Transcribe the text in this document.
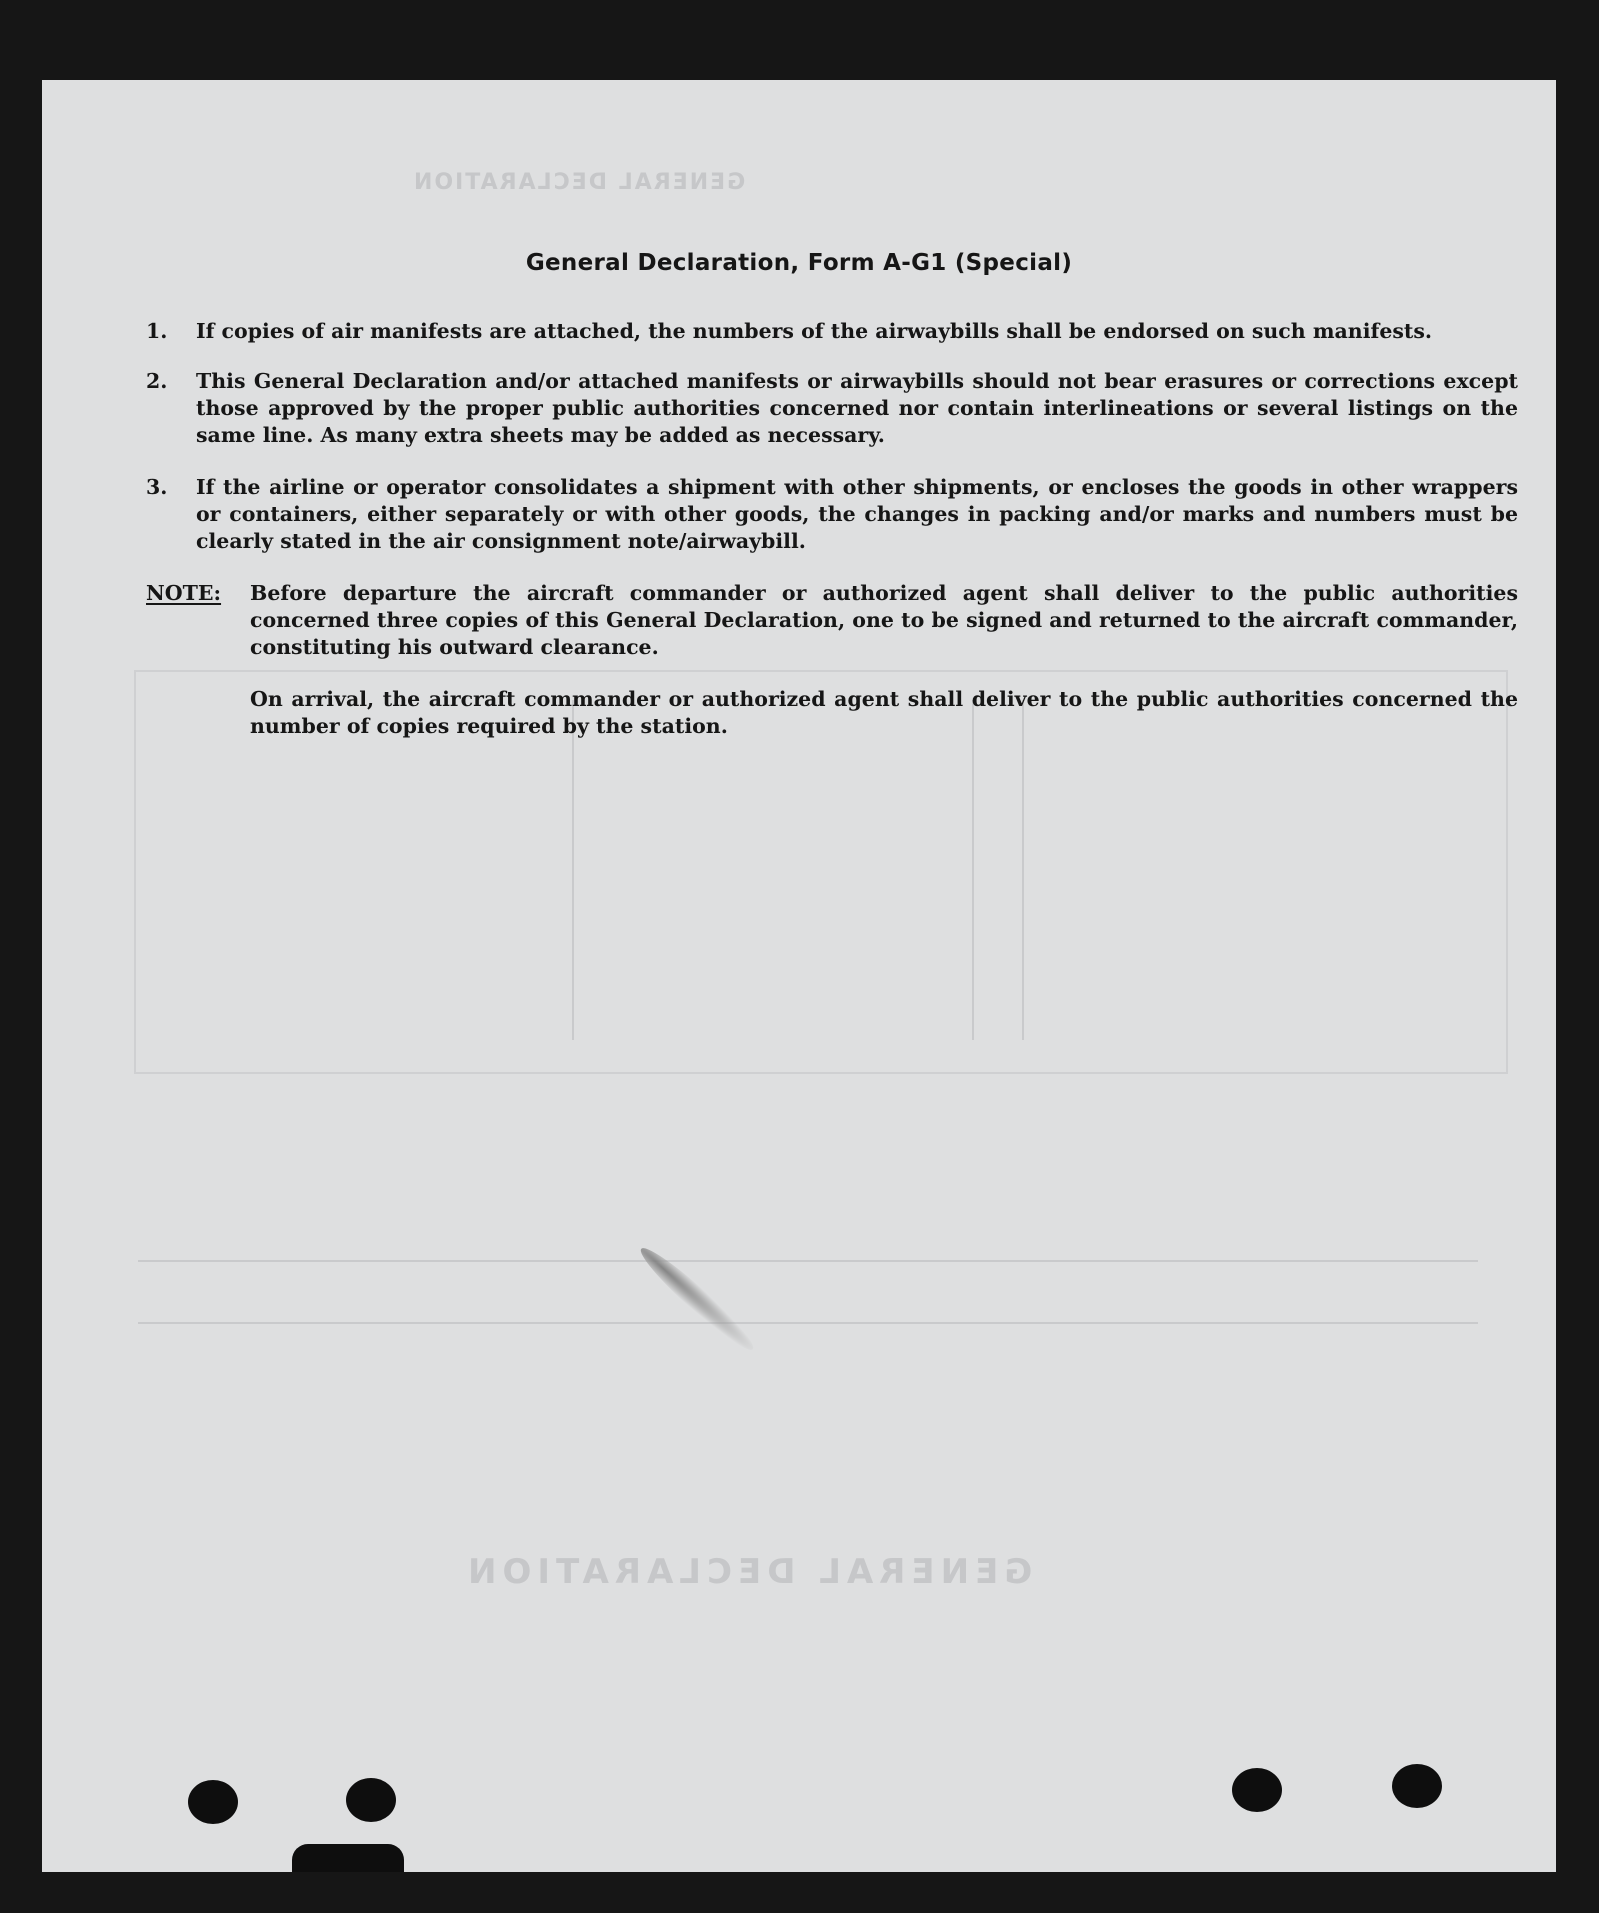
GENERAL DECLARATION
GENERAL DECLARATION
General Declaration, Form A-G1 (Special)
1.	If copies of air manifests are attached, the numbers of the airwaybills shall be endorsed on such manifests.
2.	This General Declaration and/or attached manifests or airwaybills should not bear erasures or corrections except those approved by the proper public authorities concerned nor contain interlineations or several listings on the same line. As many extra sheets may be added as necessary.
3.	If the airline or operator consolidates a shipment with other shipments, or encloses the goods in other wrappers or containers, either separately or with other goods, the changes in packing and/or marks and numbers must be clearly stated in the air consignment note/airwaybill.
NOTE: Before departure the aircraft commander or authorized agent shall deliver to the public authorities concerned three copies of this General Declaration, one to be signed and returned to the aircraft commander, constituting his outward clearance.
On arrival, the aircraft commander or authorized agent shall deliver to the public authorities concerned the number of copies required by the station.
